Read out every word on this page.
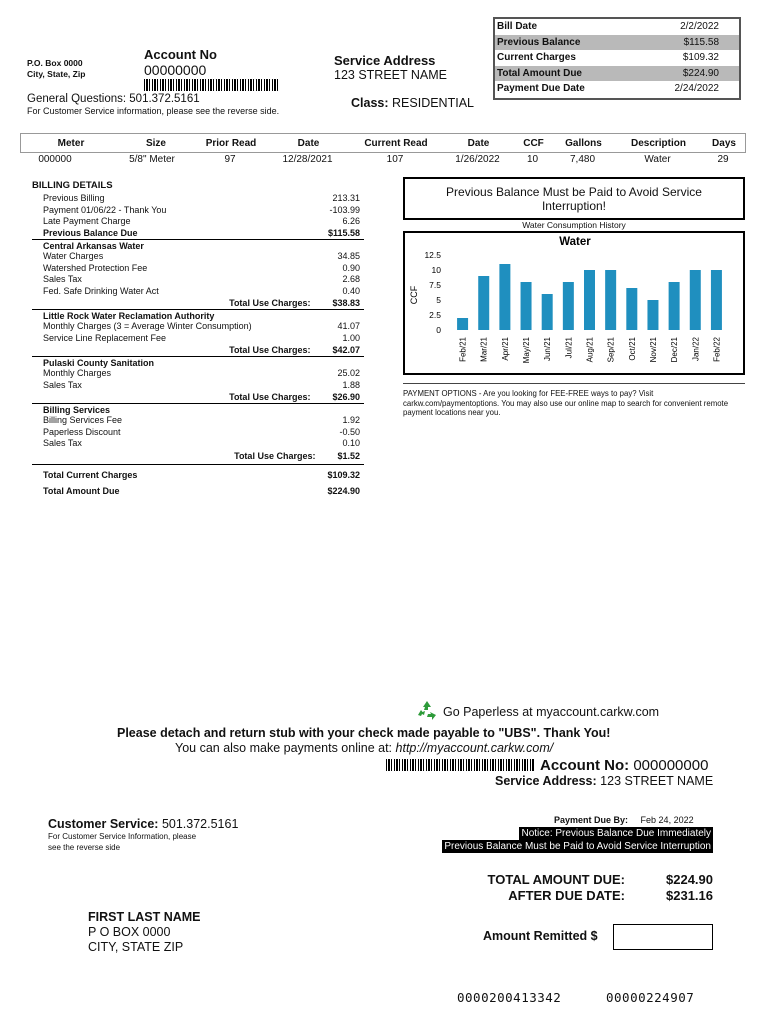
P.O. Box 0000
City, State, Zip
Account No
00000000
General Questions: 501.372.5161
For Customer Service information, please see the reverse side.
Service Address
123 STREET NAME
Class: RESIDENTIAL
Bill Date	2/2/2022
Previous Balance	$115.58
Current Charges	$109.32
Total Amount Due	$224.90
Payment Due Date	2/24/2022
Meter	Size	Prior Read	Date	Current Read	Date	CCF	Gallons	Description	Days
000000	5/8" Meter	97	12/28/2021	107	1/26/2022	10	7,480	Water	29
BILLING DETAILS
Previous Billing	213.31
Payment 01/06/22 - Thank You	-103.99
Late Payment Charge	6.26
Previous Balance Due	$115.58
Central Arkansas Water
Water Charges	34.85
Watershed Protection Fee	0.90
Sales Tax	2.68
Fed. Safe Drinking Water Act	0.40
Total Use Charges: $38.83
Little Rock Water Reclamation Authority
Monthly Charges (3 = Average Winter Consumption)	41.07
Service Line Replacement Fee	1.00
Total Use Charges: $42.07
Pulaski County Sanitation
Monthly Charges	25.02
Sales Tax	1.88
Total Use Charges: $26.90
Billing Services
Billing Services Fee	1.92
Paperless Discount	-0.50
Sales Tax	0.10
Total Use Charges: $1.52
Total Current Charges	$109.32
Total Amount Due	$224.90
Previous Balance Must be Paid to Avoid Service Interruption!
Water Consumption History
Water
CCF
12.5
10
7.5
5
2.5
0
Feb/21 Mar/21 Apr/21 May/21 Jun/21 Jul/21 Aug/21 Sep/21 Oct/21 Nov/21 Dec/21 Jan/22 Feb/22
PAYMENT OPTIONS - Are you looking for FEE-FREE ways to pay? Visit carkw.com/paymentoptions. You may also use our online map to search for convenient remote payment locations near you.
Go Paperless at myaccount.carkw.com
Please detach and return stub with your check made payable to "UBS". Thank You!
You can also make payments online at: http://myaccount.carkw.com/
Account No: 000000000
Service Address: 123 STREET NAME
Customer Service: 501.372.5161
For Customer Service Information, please
see the reverse side
Payment Due By: Feb 24, 2022
Notice: Previous Balance Due Immediately
Previous Balance Must be Paid to Avoid Service Interruption
TOTAL AMOUNT DUE:	$224.90
AFTER DUE DATE:	$231.16
Amount Remitted $
FIRST LAST NAME
P O BOX 0000
CITY, STATE ZIP
0000200413342	00000224907
